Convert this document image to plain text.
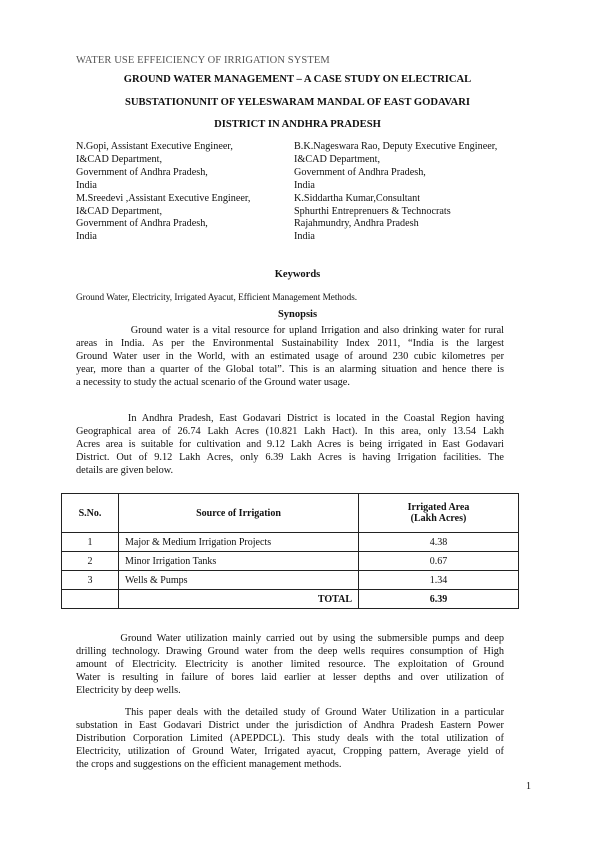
WATER USE EFFEICIENCY OF IRRIGATION SYSTEM
GROUND WATER MANAGEMENT – A CASE STUDY ON ELECTRICAL
SUBSTATIONUNIT OF YELESWARAM MANDAL OF EAST GODAVARI
DISTRICT IN ANDHRA PRADESH
N.Gopi, Assistant Executive Engineer,
I&CAD Department,
Government of Andhra Pradesh,
India
M.Sreedevi ,Assistant Executive Engineer,
I&CAD Department,
Government of Andhra Pradesh,
India
B.K.Nageswara Rao, Deputy Executive Engineer,
I&CAD Department,
Government of Andhra Pradesh,
India
K.Siddartha Kumar,Consultant
Sphurthi Entreprenuers & Technocrats
Rajahmundry, Andhra Pradesh
India
Keywords
Ground Water, Electricity, Irrigated Ayacut, Efficient Management Methods.
Synopsis
Ground water is a vital resource for upland Irrigation and also drinking water for rural
areas in India. As per the Environmental Sustainability Index 2011, “India is the largest
Ground Water user in the World, with an estimated usage of around 230 cubic kilometres per
year, more than a quarter of the Global total”. This is an alarming situation and hence there is
a necessity to study the actual scenario of the Ground water usage.
In Andhra Pradesh, East Godavari District is located in the Coastal Region having
Geographical area of 26.74 Lakh Acres (10.821 Lakh Hact). In this area, only 13.54 Lakh
Acres area is suitable for cultivation and 9.12 Lakh Acres is being irrigated in East Godavari
District. Out of 9.12 Lakh Acres, only 6.39 Lakh Acres is having Irrigation facilities. The
details are given below.
S.No.	Source of Irrigation	Irrigated Area
(Lakh Acres)

1	Major & Medium Irrigation Projects	4.38
2	Minor Irrigation Tanks	0.67
3	Wells & Pumps	1.34
	TOTAL	6.39
Ground Water utilization mainly carried out by using the submersible pumps and deep
drilling technology. Drawing Ground water from the deep wells requires consumption of High
amount of Electricity. Electricity is another limited resource. The exploitation of Ground
Water is resulting in failure of bores laid earlier at lesser depths and over utilization of
Electricity by deep wells.
This paper deals with the detailed study of Ground Water Utilization in a particular
substation in East Godavari District under the jurisdiction of Andhra Pradesh Eastern Power
Distribution Corporation Limited (APEPDCL). This study deals with the total utilization of
Electricity, utilization of Ground Water, Irrigated ayacut, Cropping pattern, Average yield of
the crops and suggestions on the efficient management methods.
1
